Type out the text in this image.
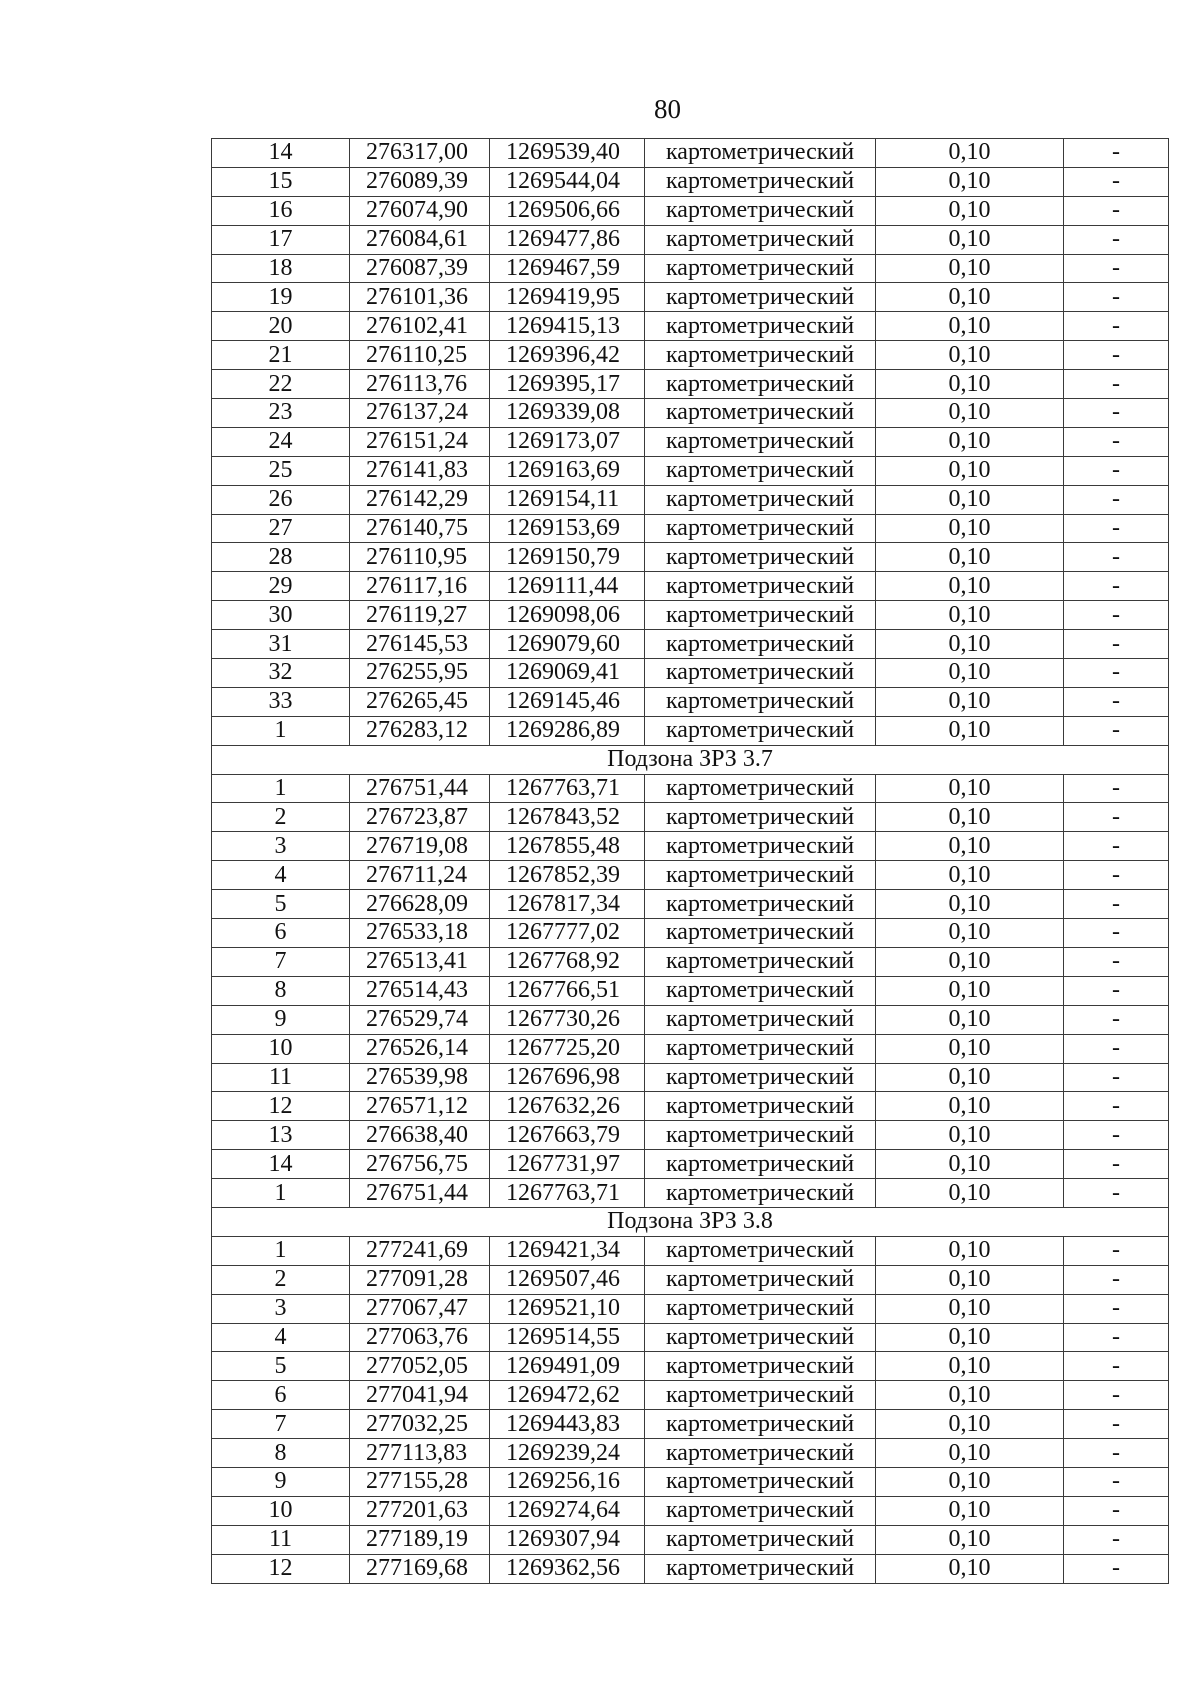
80
14	276317,00	1269539,40	картометрический	0,10	-
15	276089,39	1269544,04	картометрический	0,10	-
16	276074,90	1269506,66	картометрический	0,10	-
17	276084,61	1269477,86	картометрический	0,10	-
18	276087,39	1269467,59	картометрический	0,10	-
19	276101,36	1269419,95	картометрический	0,10	-
20	276102,41	1269415,13	картометрический	0,10	-
21	276110,25	1269396,42	картометрический	0,10	-
22	276113,76	1269395,17	картометрический	0,10	-
23	276137,24	1269339,08	картометрический	0,10	-
24	276151,24	1269173,07	картометрический	0,10	-
25	276141,83	1269163,69	картометрический	0,10	-
26	276142,29	1269154,11	картометрический	0,10	-
27	276140,75	1269153,69	картометрический	0,10	-
28	276110,95	1269150,79	картометрический	0,10	-
29	276117,16	1269111,44	картометрический	0,10	-
30	276119,27	1269098,06	картометрический	0,10	-
31	276145,53	1269079,60	картометрический	0,10	-
32	276255,95	1269069,41	картометрический	0,10	-
33	276265,45	1269145,46	картометрический	0,10	-
1	276283,12	1269286,89	картометрический	0,10	-
Подзона ЗРЗ 3.7					
1	276751,44	1267763,71	картометрический	0,10	-
2	276723,87	1267843,52	картометрический	0,10	-
3	276719,08	1267855,48	картометрический	0,10	-
4	276711,24	1267852,39	картометрический	0,10	-
5	276628,09	1267817,34	картометрический	0,10	-
6	276533,18	1267777,02	картометрический	0,10	-
7	276513,41	1267768,92	картометрический	0,10	-
8	276514,43	1267766,51	картометрический	0,10	-
9	276529,74	1267730,26	картометрический	0,10	-
10	276526,14	1267725,20	картометрический	0,10	-
11	276539,98	1267696,98	картометрический	0,10	-
12	276571,12	1267632,26	картометрический	0,10	-
13	276638,40	1267663,79	картометрический	0,10	-
14	276756,75	1267731,97	картометрический	0,10	-
1	276751,44	1267763,71	картометрический	0,10	-
Подзона ЗРЗ 3.8					
1	277241,69	1269421,34	картометрический	0,10	-
2	277091,28	1269507,46	картометрический	0,10	-
3	277067,47	1269521,10	картометрический	0,10	-
4	277063,76	1269514,55	картометрический	0,10	-
5	277052,05	1269491,09	картометрический	0,10	-
6	277041,94	1269472,62	картометрический	0,10	-
7	277032,25	1269443,83	картометрический	0,10	-
8	277113,83	1269239,24	картометрический	0,10	-
9	277155,28	1269256,16	картометрический	0,10	-
10	277201,63	1269274,64	картометрический	0,10	-
11	277189,19	1269307,94	картометрический	0,10	-
12	277169,68	1269362,56	картометрический	0,10	-
